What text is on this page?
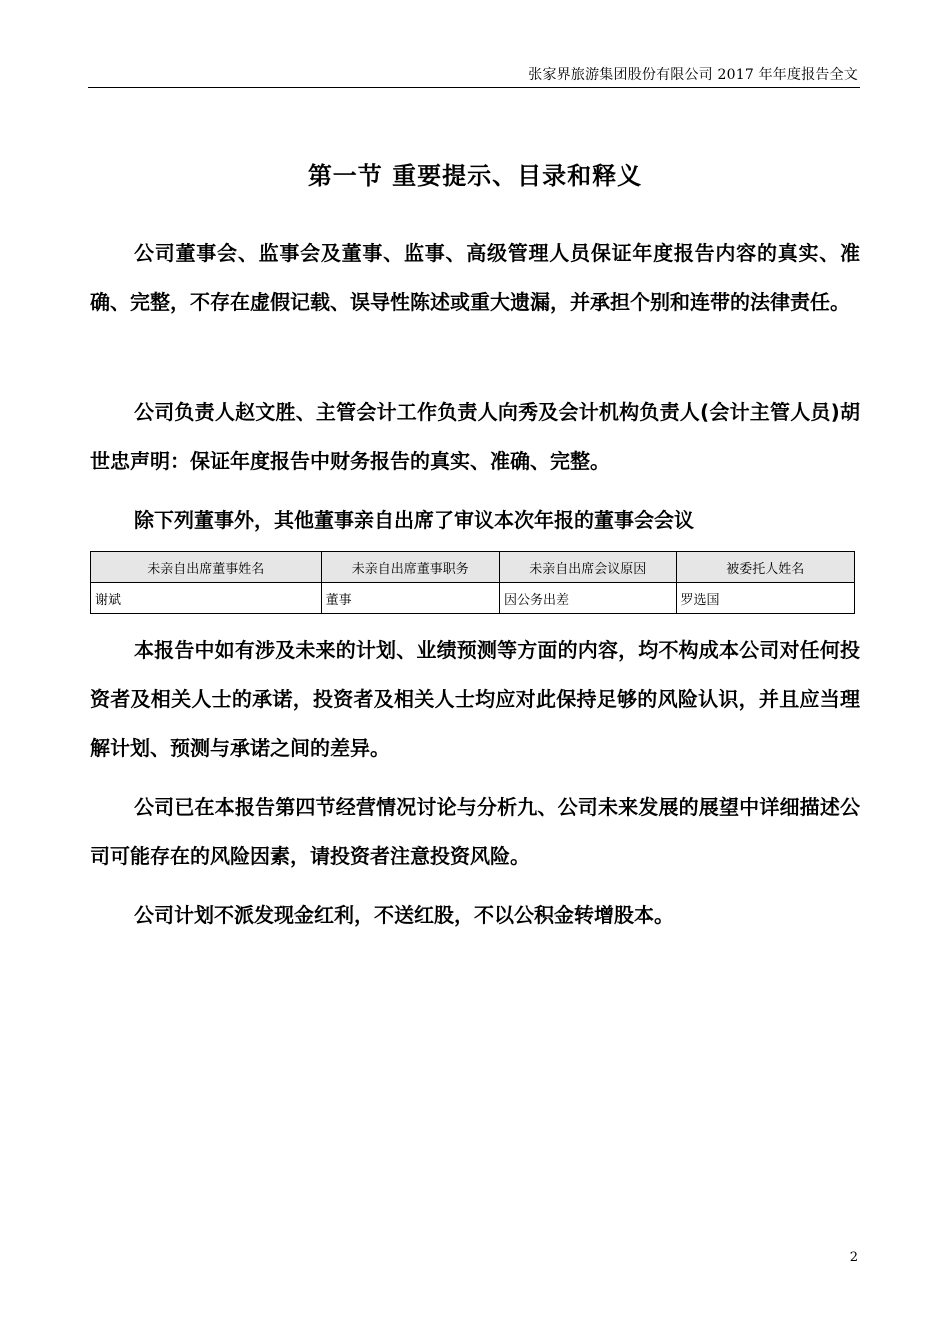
张家界旅游集团股份有限公司 2017 年年度报告全文
第一节 重要提示、目录和释义

公司董事会、监事会及董事、监事、高级管理人员保证年度报告内容的真实、准确、完整，不存在虚假记载、误导性陈述或重大遗漏，并承担个别和连带的法律责任。

公司负责人赵文胜、主管会计工作负责人向秀及会计机构负责人(会计主管人员)胡世忠声明：保证年度报告中财务报告的真实、准确、完整。

除下列董事外，其他董事亲自出席了审议本次年报的董事会会议

未亲自出席董事姓名	未亲自出席董事职务	未亲自出席会议原因	被委托人姓名
谢斌	董事	因公务出差	罗选国

本报告中如有涉及未来的计划、业绩预测等方面的内容，均不构成本公司对任何投资者及相关人士的承诺，投资者及相关人士均应对此保持足够的风险认识，并且应当理解计划、预测与承诺之间的差异。

公司已在本报告第四节经营情况讨论与分析九、公司未来发展的展望中详细描述公司可能存在的风险因素，请投资者注意投资风险。

公司计划不派发现金红利，不送红股，不以公积金转增股本。

2
